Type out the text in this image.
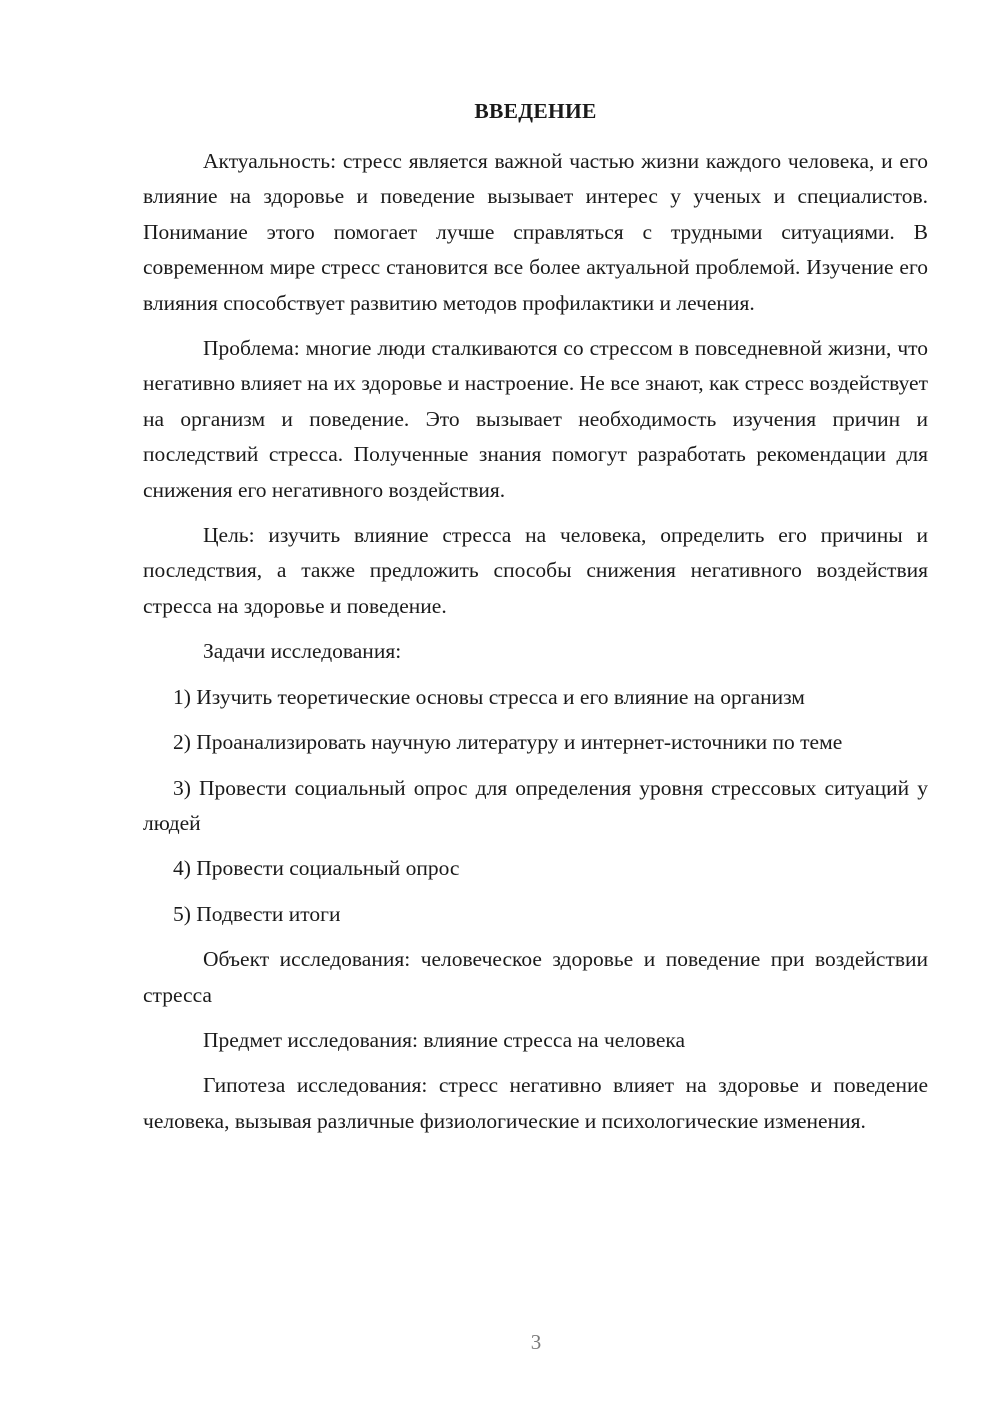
ВВЕДЕНИЕ

Актуальность: стресс является важной частью жизни каждого человека, и его влияние на здоровье и поведение вызывает интерес у ученых и специалистов. Понимание этого помогает лучше справляться с трудными ситуациями. В современном мире стресс становится все более актуальной проблемой. Изучение его влияния способствует развитию методов профилактики и лечения.

Проблема: многие люди сталкиваются со стрессом в повседневной жизни, что негативно влияет на их здоровье и настроение. Не все знают, как стресс воздействует на организм и поведение. Это вызывает необходимость изучения причин и последствий стресса. Полученные знания помогут разработать рекомендации для снижения его негативного воздействия.

Цель: изучить влияние стресса на человека, определить его причины и последствия, а также предложить способы снижения негативного воздействия стресса на здоровье и поведение.

Задачи исследования:

1) Изучить теоретические основы стресса и его влияние на организм

2) Проанализировать научную литературу и интернет-источники по теме

3) Провести социальный опрос для определения уровня стрессовых ситуаций у людей

4) Провести социальный опрос

5) Подвести итоги

Объект исследования: человеческое здоровье и поведение при воздействии стресса

Предмет исследования: влияние стресса на человека

Гипотеза исследования: стресс негативно влияет на здоровье и поведение человека, вызывая различные физиологические и психологические изменения.

3
